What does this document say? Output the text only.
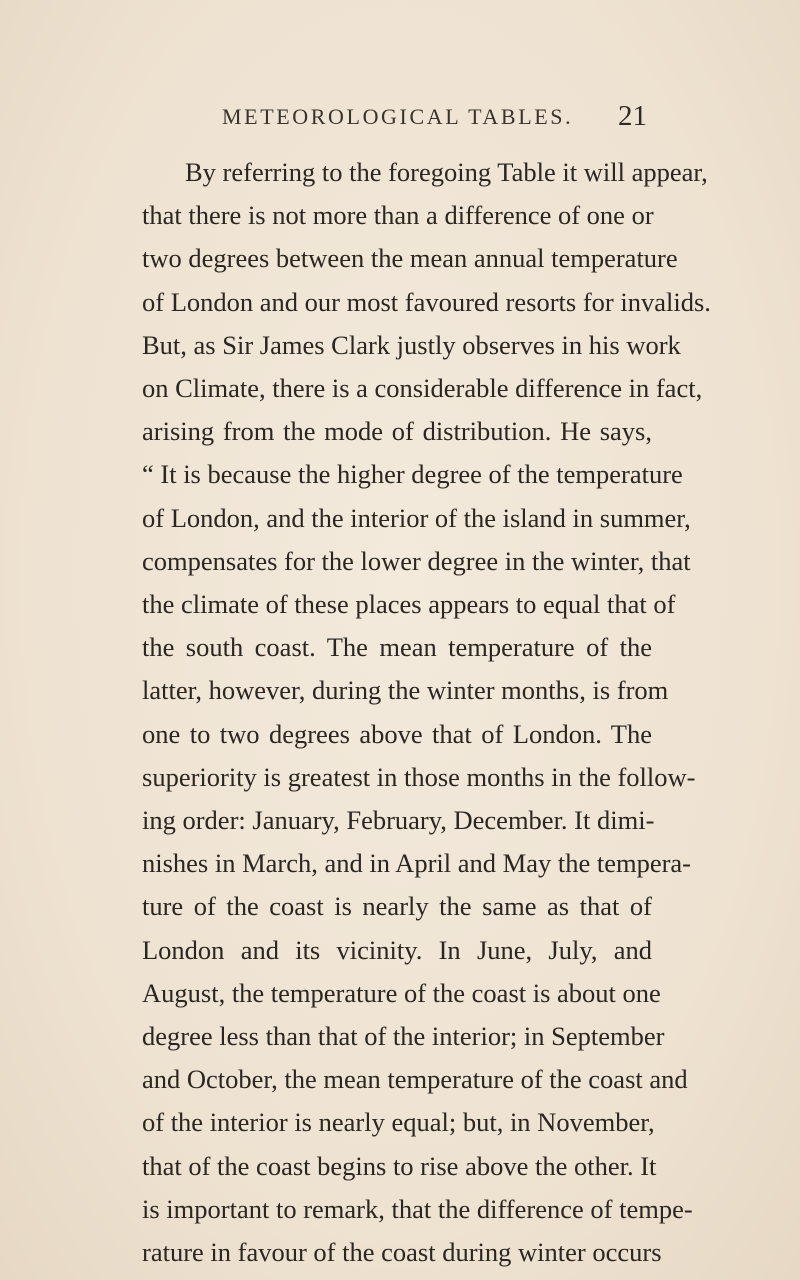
METEOROLOGICAL TABLES. 21
By referring to the foregoing Table it will appear,
that there is not more than a difference of one or
two degrees between the mean annual temperature
of London and our most favoured resorts for invalids.
But, as Sir James Clark justly observes in his work
on Climate, there is a considerable difference in fact,
arising from the mode of distribution. He says,
“ It is because the higher degree of the temperature
of London, and the interior of the island in summer,
compensates for the lower degree in the winter, that
the climate of these places appears to equal that of
the south coast. The mean temperature of the
latter, however, during the winter months, is from
one to two degrees above that of London. The
superiority is greatest in those months in the follow-
ing order: January, February, December. It dimi-
nishes in March, and in April and May the tempera-
ture of the coast is nearly the same as that of
London and its vicinity. In June, July, and
August, the temperature of the coast is about one
degree less than that of the interior; in September
and October, the mean temperature of the coast and
of the interior is nearly equal; but, in November,
that of the coast begins to rise above the other. It
is important to remark, that the difference of tempe-
rature in favour of the coast during winter occurs
